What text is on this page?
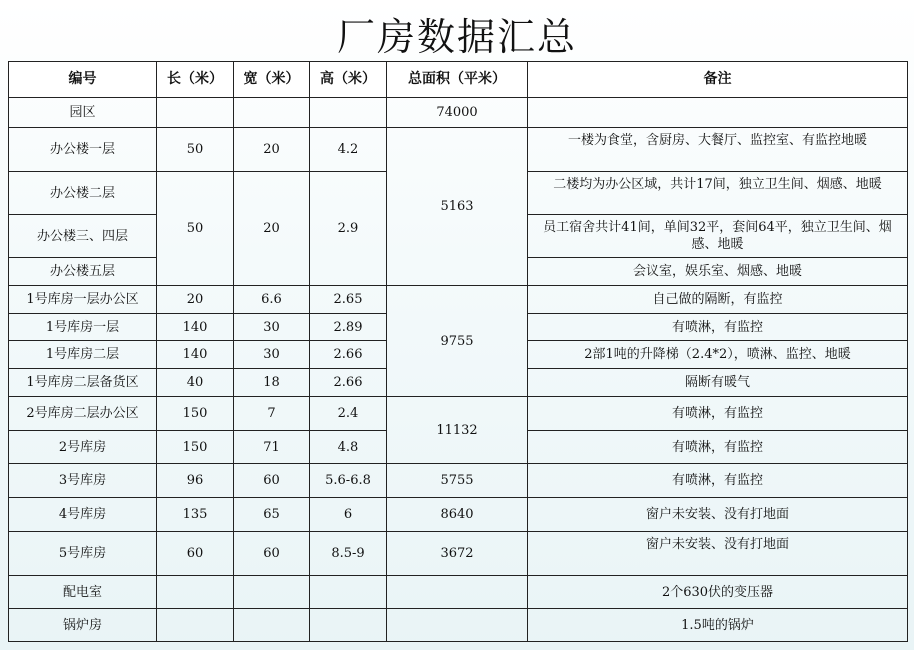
厂房数据汇总
编号	长（米）	宽（米）	高（米）	总面积（平米）	备注
园区				74000	
办公楼一层	50	20	4.2	5163	一楼为食堂，含厨房、大餐厅、监控室、有监控地暖
办公楼二层	50	20	2.9		二楼均为办公区域，共计17间，独立卫生间、烟感、地暖
办公楼三、四层					员工宿舍共计41间，单间32平，套间64平，独立卫生间、烟感、地暖
办公楼五层					会议室，娱乐室、烟感、地暖
1号库房一层办公区	20	6.6	2.65	9755	自己做的隔断，有监控
1号库房一层	140	30	2.89		有喷淋，有监控
1号库房二层	140	30	2.66		2部1吨的升降梯（2.4*2），喷淋、监控、地暖
1号库房二层备货区	40	18	2.66		隔断有暖气
2号库房二层办公区	150	7	2.4	11132	有喷淋，有监控
2号库房	150	71	4.8		有喷淋，有监控
3号库房	96	60	5.6-6.8	5755	有喷淋，有监控
4号库房	135	65	6	8640	窗户未安装、没有打地面
5号库房	60	60	8.5-9	3672	窗户未安装、没有打地面
配电室					2个630伏的变压器
锅炉房					1.5吨的锅炉
